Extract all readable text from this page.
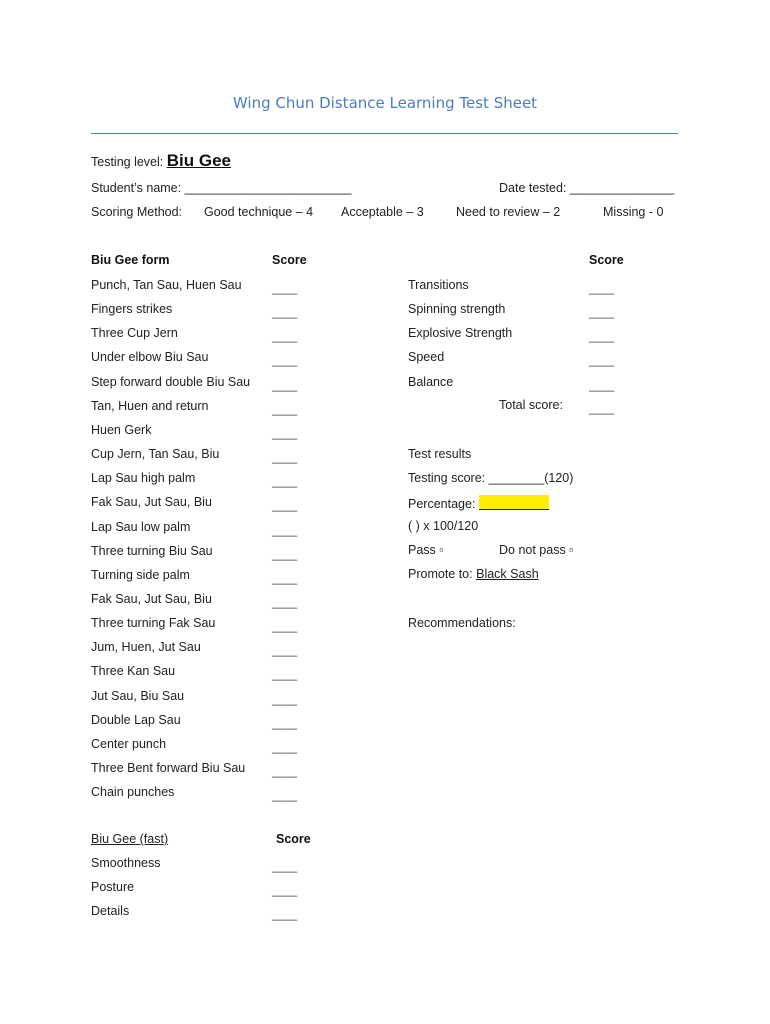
Wing Chun Distance Learning Test Sheet
Testing level: Biu Gee
Student’s name: ________________________	Date tested: _______________
Scoring Method: Good technique – 4 Acceptable – 3	Need to review – 2	Missing - 0
Biu Gee form	Score	Score
Punch, Tan Sau, Huen Sau	____
Fingers strikes	____
Three Cup Jern	____
Under elbow Biu Sau	____
Step forward double Biu Sau ____
Tan, Huen and return	____
Huen Gerk	____
Cup Jern, Tan Sau, Biu	____
Lap Sau high palm	____
Fak Sau, Jut Sau, Biu	____
Lap Sau low palm	____
Three turning Biu Sau	____
Turning side palm	____
Fak Sau, Jut Sau, Biu	____
Three turning Fak Sau	____
Jum, Huen, Jut Sau	____
Three Kan Sau	____
Jut Sau, Biu Sau	____
Double Lap Sau	____
Center punch	____
Three Bent forward Biu Sau ____
Chain punches	____
Transitions	____
Spinning strength	____
Explosive Strength	____
Speed	____
Balance	____
Total score: ____
Test results
Testing score: ________(120)
Percentage:
( ) x 100/120
Pass ▫	Do not pass ▫
Promote to: Black Sash
Recommendations:
Biu Gee (fast)	Score
Smoothness	____
Posture	____
Details	____
